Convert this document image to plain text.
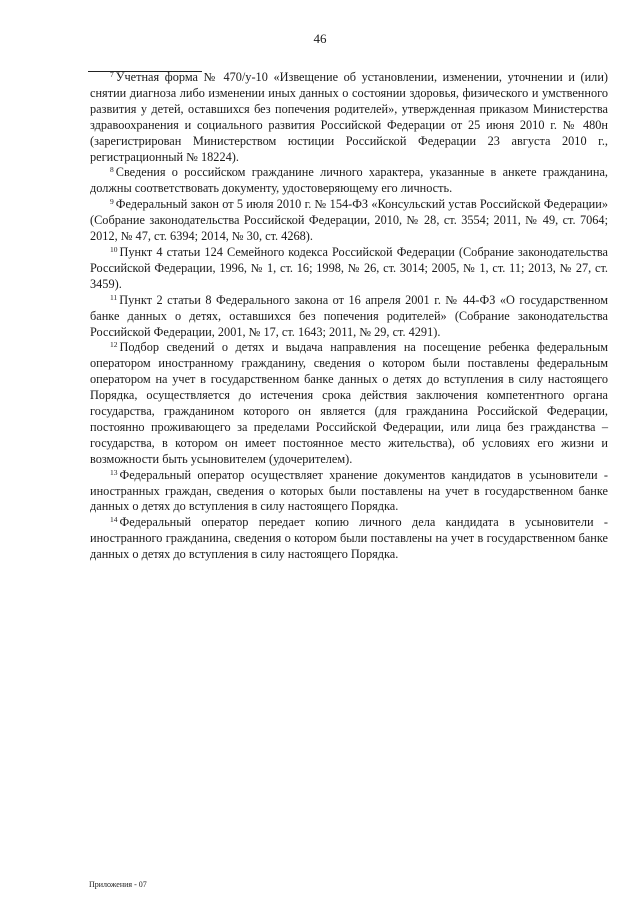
46

$^7$ Учетная форма № 470/у-10 «Извещение об установлении, изменении, уточнении и (или) снятии диагноза либо изменении иных данных о состоянии здоровья, физического и умственного развития у детей, оставшихся без попечения родителей», утвержденная приказом Министерства здравоохранения и социального развития Российской Федерации от 25 июня 2010 г. № 480н (зарегистрирован Министерством юстиции Российской Федерации 23 августа 2010 г., регистрационный № 18224).

$^8$ Сведения о российском гражданине личного характера, указанные в анкете гражданина, должны соответствовать документу, удостоверяющему его личность.

$^9$ Федеральный закон от 5 июля 2010 г. № 154-ФЗ «Консульский устав Российской Федерации» (Собрание законодательства Российской Федерации, 2010, № 28, ст. 3554; 2011, № 49, ст. 7064; 2012, № 47, ст. 6394; 2014, № 30, ст. 4268).

$^{10}$ Пункт 4 статьи 124 Семейного кодекса Российской Федерации (Собрание законодательства Российской Федерации, 1996, № 1, ст. 16; 1998, № 26, ст. 3014; 2005, № 1, ст. 11; 2013, № 27, ст. 3459).

$^{11}$ Пункт 2 статьи 8 Федерального закона от 16 апреля 2001 г. № 44-ФЗ «О государственном банке данных о детях, оставшихся без попечения родителей» (Собрание законодательства Российской Федерации, 2001, № 17, ст. 1643; 2011, № 29, ст. 4291).

$^{12}$ Подбор сведений о детях и выдача направления на посещение ребенка федеральным оператором иностранному гражданину, сведения о котором были поставлены федеральным оператором на учет в государственном банке данных о детях до вступления в силу настоящего Порядка, осуществляется до истечения срока действия заключения компетентного органа государства, гражданином которого он является (для гражданина Российской Федерации, постоянно проживающего за пределами Российской Федерации, или лица без гражданства – государства, в котором он имеет постоянное место жительства), об условиях его жизни и возможности быть усыновителем (удочерителем).

$^{13}$ Федеральный оператор осуществляет хранение документов кандидатов в усыновители - иностранных граждан, сведения о которых были поставлены на учет в государственном банке данных о детях до вступления в силу настоящего Порядка.

$^{14}$ Федеральный оператор передает копию личного дела кандидата в усыновители - иностранного гражданина, сведения о котором были поставлены на учет в государственном банке данных о детях до вступления в силу настоящего Порядка.

Приложения - 07
